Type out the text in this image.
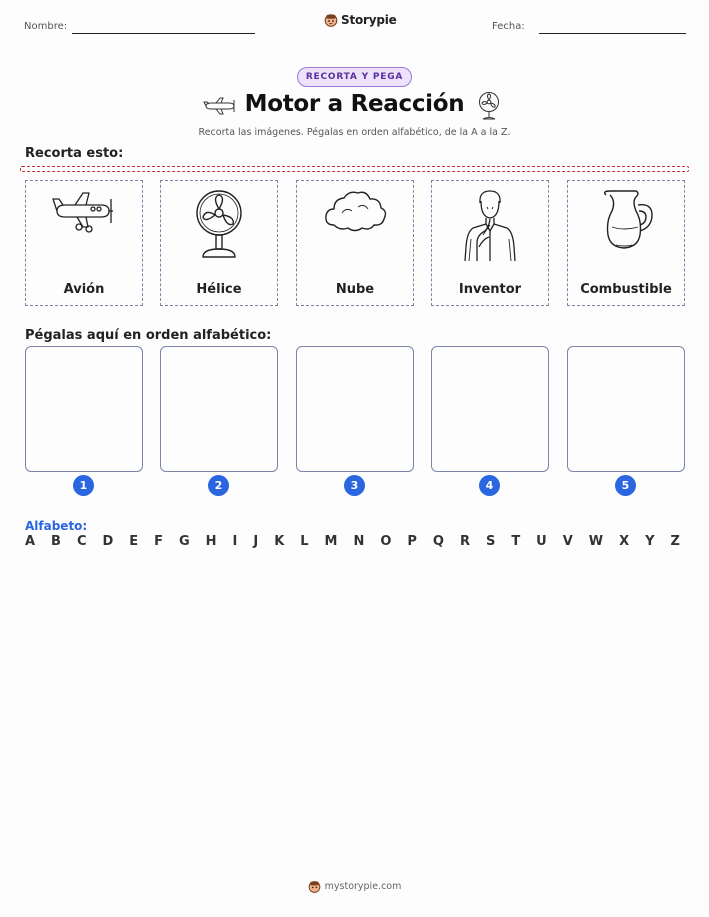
Nombre:	Storypie	Fecha:
RECORTA Y PEGA
Motor a Reacción
Recorta las imágenes. Pégalas en orden alfabético, de la A a la Z.
Recorta esto:
Avión	Hélice	Nube	Inventor	Combustible
Pégalas aquí en orden alfabético:
1	2	3	4	5
Alfabeto:
A B C D E F G H I J K L M N O P Q R S T U V W X Y Z
mystorypie.com
